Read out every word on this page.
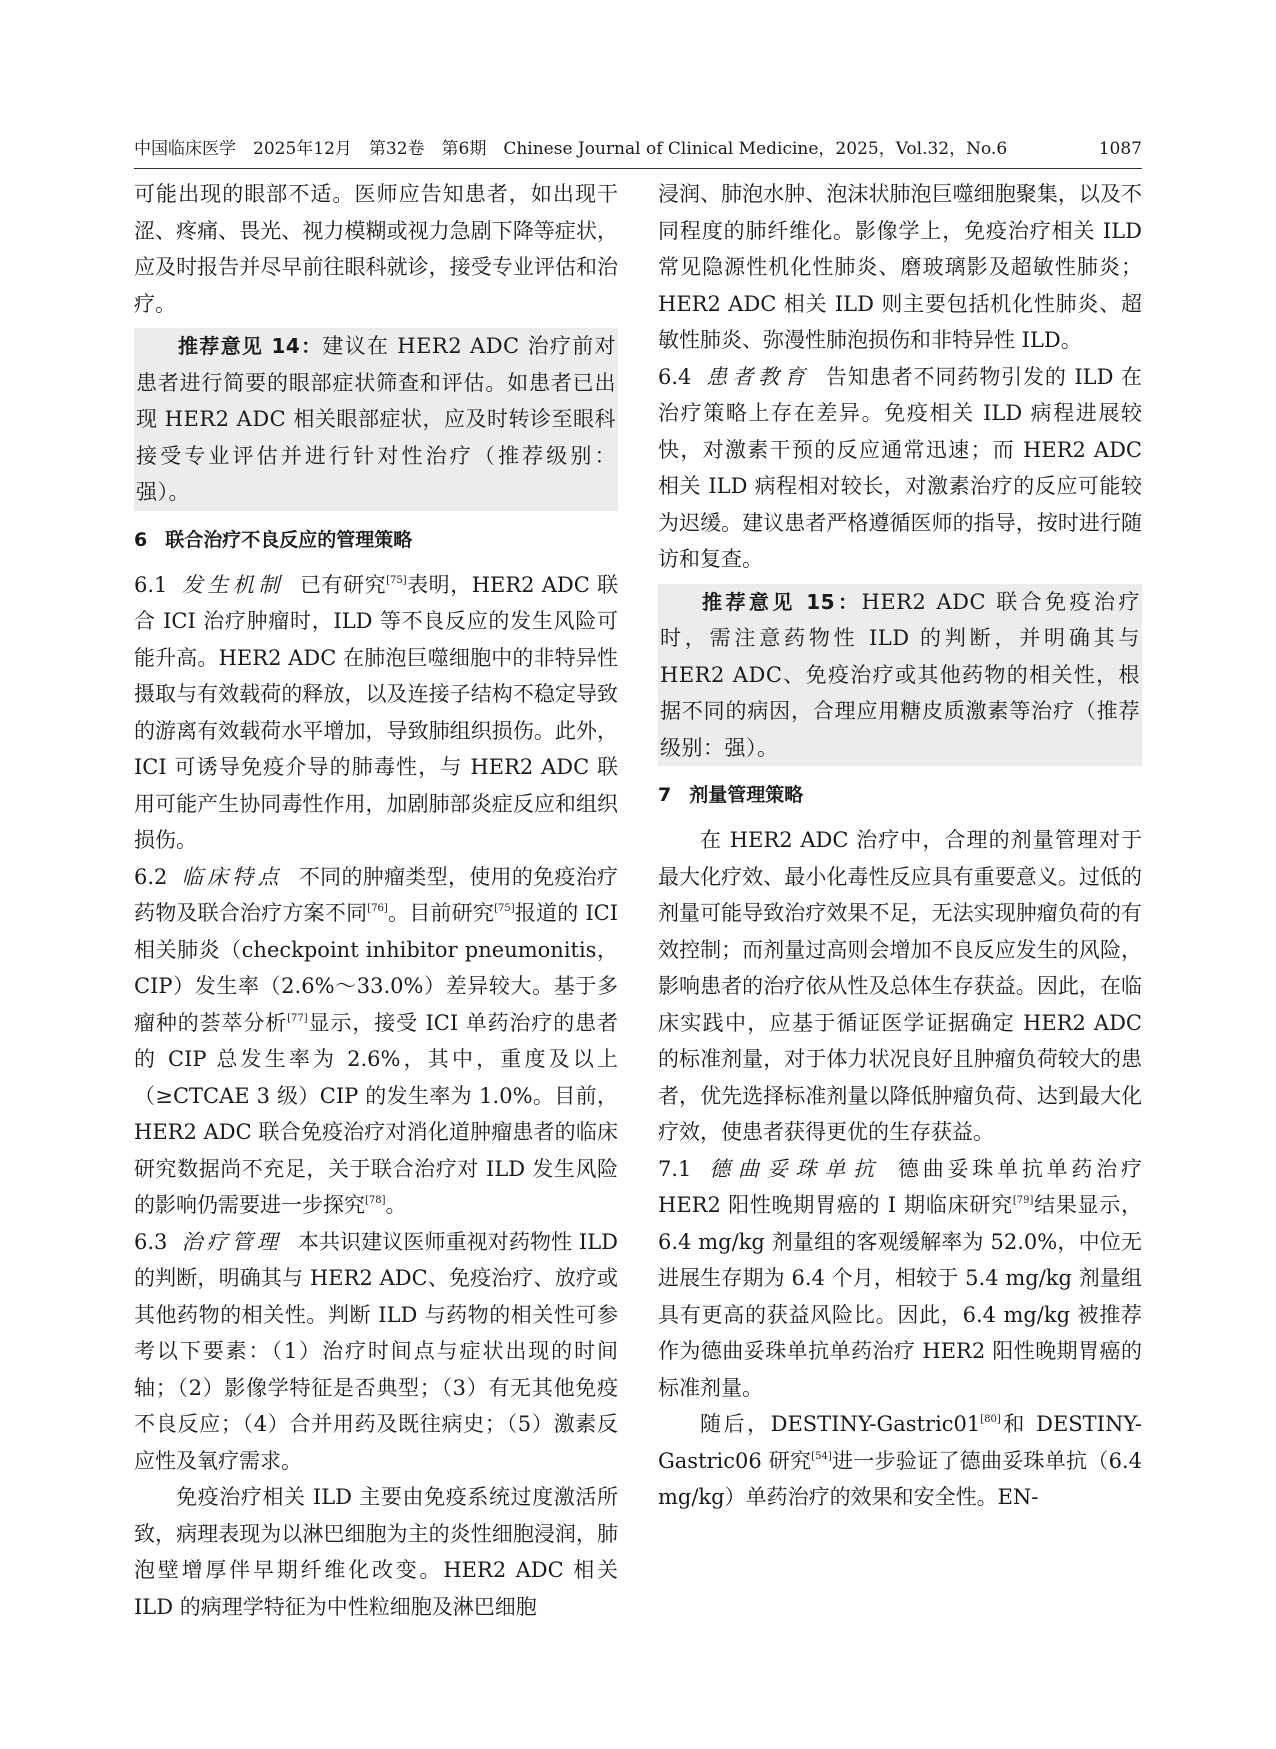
中国临床医学　2025年12月　第32卷　第6期　Chinese Journal of Clinical Medicine，2025，Vol.32，No.6	1087

可能出现的眼部不适。医师应告知患者，如出现干涩、疼痛、畏光、视力模糊或视力急剧下降等症状，应及时报告并尽早前往眼科就诊，接受专业评估和治疗。

推荐意见 14：建议在 HER2 ADC 治疗前对患者进行简要的眼部症状筛查和评估。如患者已出现 HER2 ADC 相关眼部症状，应及时转诊至眼科接受专业评估并进行针对性治疗（推荐级别：强）。

6 联合治疗不良反应的管理策略

6.1 发生机制 已有研究[75]表明，HER2 ADC 联合 ICI 治疗肿瘤时，ILD 等不良反应的发生风险可能升高。HER2 ADC 在肺泡巨噬细胞中的非特异性摄取与有效载荷的释放，以及连接子结构不稳定导致的游离有效载荷水平增加，导致肺组织损伤。此外，ICI 可诱导免疫介导的肺毒性，与 HER2 ADC 联用可能产生协同毒性作用，加剧肺部炎症反应和组织损伤。

6.2 临床特点 不同的肿瘤类型，使用的免疫治疗药物及联合治疗方案不同[76]。目前研究[75]报道的 ICI 相关肺炎（checkpoint inhibitor pneumonitis，CIP）发生率（2.6%～33.0%）差异较大。基于多瘤种的荟萃分析[77]显示，接受 ICI 单药治疗的患者的 CIP 总发生率为 2.6%，其中，重度及以上（≥CTCAE 3 级）CIP 的发生率为 1.0%。目前，HER2 ADC 联合免疫治疗对消化道肿瘤患者的临床研究数据尚不充足，关于联合治疗对 ILD 发生风险的影响仍需要进一步探究[78]。

6.3 治疗管理 本共识建议医师重视对药物性 ILD 的判断，明确其与 HER2 ADC、免疫治疗、放疗或其他药物的相关性。判断 ILD 与药物的相关性可参考以下要素：（1）治疗时间点与症状出现的时间轴；（2）影像学特征是否典型；（3）有无其他免疫不良反应；（4）合并用药及既往病史；（5）激素反应性及氧疗需求。

免疫治疗相关 ILD 主要由免疫系统过度激活所致，病理表现为以淋巴细胞为主的炎性细胞浸润，肺泡壁增厚伴早期纤维化改变。HER2 ADC 相关 ILD 的病理学特征为中性粒细胞及淋巴细胞

浸润、肺泡水肿、泡沫状肺泡巨噬细胞聚集，以及不同程度的肺纤维化。影像学上，免疫治疗相关 ILD 常见隐源性机化性肺炎、磨玻璃影及超敏性肺炎；HER2 ADC 相关 ILD 则主要包括机化性肺炎、超敏性肺炎、弥漫性肺泡损伤和非特异性 ILD。

6.4 患者教育 告知患者不同药物引发的 ILD 在治疗策略上存在差异。免疫相关 ILD 病程进展较快，对激素干预的反应通常迅速；而 HER2 ADC 相关 ILD 病程相对较长，对激素治疗的反应可能较为迟缓。建议患者严格遵循医师的指导，按时进行随访和复查。

推荐意见 15：HER2 ADC 联合免疫治疗时，需注意药物性 ILD 的判断，并明确其与 HER2 ADC、免疫治疗或其他药物的相关性，根据不同的病因，合理应用糖皮质激素等治疗（推荐级别：强）。

7 剂量管理策略

在 HER2 ADC 治疗中，合理的剂量管理对于最大化疗效、最小化毒性反应具有重要意义。过低的剂量可能导致治疗效果不足，无法实现肿瘤负荷的有效控制；而剂量过高则会增加不良反应发生的风险，影响患者的治疗依从性及总体生存获益。因此，在临床实践中，应基于循证医学证据确定 HER2 ADC 的标准剂量，对于体力状况良好且肿瘤负荷较大的患者，优先选择标准剂量以降低肿瘤负荷、达到最大化疗效，使患者获得更优的生存获益。

7.1 德曲妥珠单抗 德曲妥珠单抗单药治疗 HER2 阳性晚期胃癌的 Ⅰ 期临床研究[79]结果显示，6.4 mg/kg 剂量组的客观缓解率为 52.0%，中位无进展生存期为 6.4 个月，相较于 5.4 mg/kg 剂量组具有更高的获益风险比。因此，6.4 mg/kg 被推荐作为德曲妥珠单抗单药治疗 HER2 阳性晚期胃癌的标准剂量。

随后，DESTINY-Gastric01[80]和 DESTINY-Gastric06 研究[54]进一步验证了德曲妥珠单抗（6.4 mg/kg）单药治疗的效果和安全性。EN-
